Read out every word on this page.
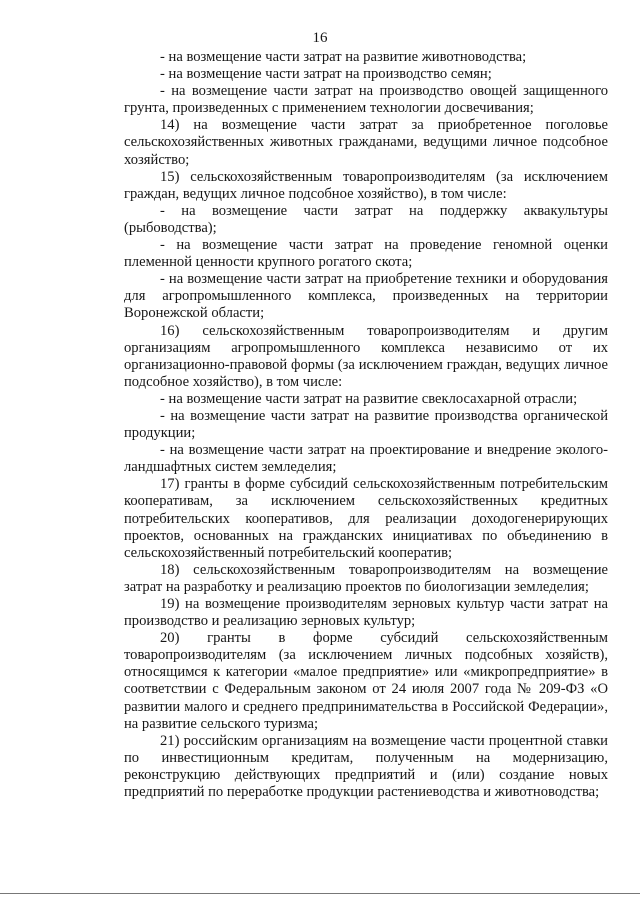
16

- на возмещение части затрат на развитие животноводства;

- на возмещение части затрат на производство семян;

- на возмещение части затрат на производство овощей защищенного грунта, произведенных с применением технологии досвечивания;

14) на возмещение части затрат за приобретенное поголовье сельскохозяйственных животных гражданами, ведущими личное подсобное хозяйство;

15) сельскохозяйственным товаропроизводителям (за исключением граждан, ведущих личное подсобное хозяйство), в том числе:

- на возмещение части затрат на поддержку аквакультуры (рыбоводства);

- на возмещение части затрат на проведение геномной оценки племенной ценности крупного рогатого скота;

- на возмещение части затрат на приобретение техники и оборудования для агропромышленного комплекса, произведенных на территории Воронежской области;

16) сельскохозяйственным товаропроизводителям и другим организациям агропромышленного комплекса независимо от их организационно-правовой формы (за исключением граждан, ведущих личное подсобное хозяйство), в том числе:

- на возмещение части затрат на развитие свеклосахарной отрасли;

- на возмещение части затрат на развитие производства органической продукции;

- на возмещение части затрат на проектирование и внедрение эколого-ландшафтных систем земледелия;

17) гранты в форме субсидий сельскохозяйственным потребительским кооперативам, за исключением сельскохозяйственных кредитных потребительских кооперативов, для реализации доходогенерирующих проектов, основанных на гражданских инициативах по объединению в сельскохозяйственный потребительский кооператив;

18) сельскохозяйственным товаропроизводителям на возмещение затрат на разработку и реализацию проектов по биологизации земледелия;

19) на возмещение производителям зерновых культур части затрат на производство и реализацию зерновых культур;

20) гранты в форме субсидий сельскохозяйственным товаропроизводителям (за исключением личных подсобных хозяйств), относящимся к категории «малое предприятие» или «микропредприятие» в соответствии с Федеральным законом от 24 июля 2007 года № 209-ФЗ «О развитии малого и среднего предпринимательства в Российской Федерации», на развитие сельского туризма;

21) российским организациям на возмещение части процентной ставки по инвестиционным кредитам, полученным на модернизацию, реконструкцию действующих предприятий и (или) создание новых предприятий по переработке продукции растениеводства и животноводства;
